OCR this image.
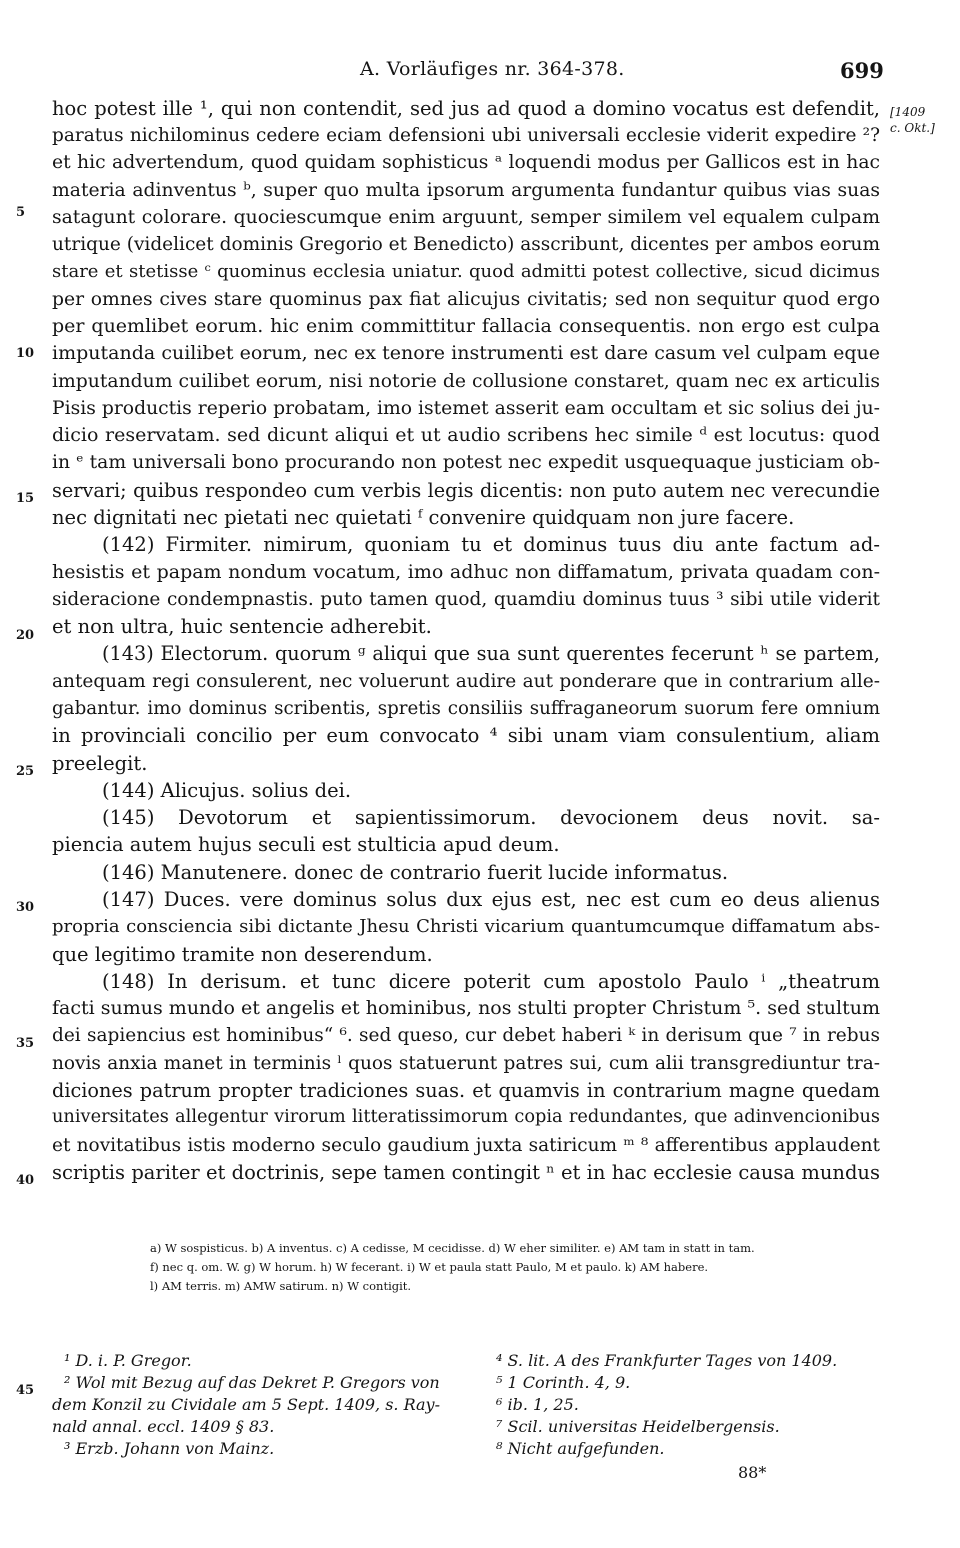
A. Vorläufiges nr. 364-378.	699
[1409
c. Okt.]
5
10
15
20
25
30
35
40
45
hoc potest ille ¹, qui non contendit, sed jus ad quod a domino vocatus est defendit,
paratus nichilominus cedere eciam defensioni ubi universali ecclesie viderit expedire ²?
et hic advertendum, quod quidam sophisticus ᵃ loquendi modus per Gallicos est in hac
materia adinventus ᵇ, super quo multa ipsorum argumenta fundantur quibus vias suas
satagunt colorare. quociescumque enim arguunt, semper similem vel equalem culpam
utrique (videlicet dominis Gregorio et Benedicto) asscribunt, dicentes per ambos eorum
stare et stetisse ᶜ quominus ecclesia uniatur. quod admitti potest collective, sicud dicimus
per omnes cives stare quominus pax fiat alicujus civitatis; sed non sequitur quod ergo
per quemlibet eorum. hic enim committitur fallacia consequentis. non ergo est culpa
imputanda cuilibet eorum, nec ex tenore instrumenti est dare casum vel culpam eque
imputandum cuilibet eorum, nisi notorie de collusione constaret, quam nec ex articulis
Pisis productis reperio probatam, imo istemet asserit eam occultam et sic solius dei ju-
dicio reservatam. sed dicunt aliqui et ut audio scribens hec simile ᵈ est locutus: quod
in ᵉ tam universali bono procurando non potest nec expedit usquequaque justiciam ob-
servari; quibus respondeo cum verbis legis dicentis: non puto autem nec verecundie
nec dignitati nec pietati nec quietati ᶠ convenire quidquam non jure facere.
(142) Firmiter. nimirum, quoniam tu et dominus tuus diu ante factum ad-
hesistis et papam nondum vocatum, imo adhuc non diffamatum, privata quadam con-
sideracione condempnastis. puto tamen quod, quamdiu dominus tuus ³ sibi utile viderit
et non ultra, huic sentencie adherebit.
(143) Electorum. quorum ᵍ aliqui que sua sunt querentes fecerunt ʰ se partem,
antequam regi consulerent, nec voluerunt audire aut ponderare que in contrarium alle-
gabantur. imo dominus scribentis, spretis consiliis suffraganeorum suorum fere omnium
in provinciali concilio per eum convocato ⁴ sibi unam viam consulentium, aliam
preelegit.
(144) Alicujus. solius dei.
(145) Devotorum et sapientissimorum. devocionem deus novit. sa-
piencia autem hujus seculi est stulticia apud deum.
(146) Manutenere. donec de contrario fuerit lucide informatus.
(147) Duces. vere dominus solus dux ejus est, nec est cum eo deus alienus
propria consciencia sibi dictante Jhesu Christi vicarium quantumcumque diffamatum abs-
que legitimo tramite non deserendum.
(148) In derisum. et tunc dicere poterit cum apostolo Paulo ⁱ „theatrum
facti sumus mundo et angelis et hominibus, nos stulti propter Christum ⁵. sed stultum
dei sapiencius est hominibus“ ⁶. sed queso, cur debet haberi ᵏ in derisum que ⁷ in rebus
novis anxia manet in terminis ˡ quos statuerunt patres sui, cum alii transgrediuntur tra-
diciones patrum propter tradiciones suas. et quamvis in contrarium magne quedam
universitates allegentur virorum litteratissimorum copia redundantes, que adinvencionibus
et novitatibus istis moderno seculo gaudium juxta satiricum ᵐ ⁸ afferentibus applaudent
scriptis pariter et doctrinis, sepe tamen contingit ⁿ et in hac ecclesie causa mundus
a) W sospisticus. b) A inventus. c) A cedisse, M cecidisse. d) W eher similiter. e) AM tam in statt in tam.
f) nec q. om. W. g) W horum. h) W fecerant. i) W et paula statt Paulo, M et paulo. k) AM habere.
l) AM terris. m) AMW satirum. n) W contigit.
¹ D. i. P. Gregor.
² Wol mit Bezug auf das Dekret P. Gregors von
dem Konzil zu Cividale am 5 Sept. 1409, s. Ray-
nald annal. eccl. 1409 § 83.
³ Erzb. Johann von Mainz.
⁴ S. lit. A des Frankfurter Tages von 1409.
⁵ 1 Corinth. 4, 9.
⁶ ib. 1, 25.
⁷ Scil. universitas Heidelbergensis.
⁸ Nicht aufgefunden.
88*
